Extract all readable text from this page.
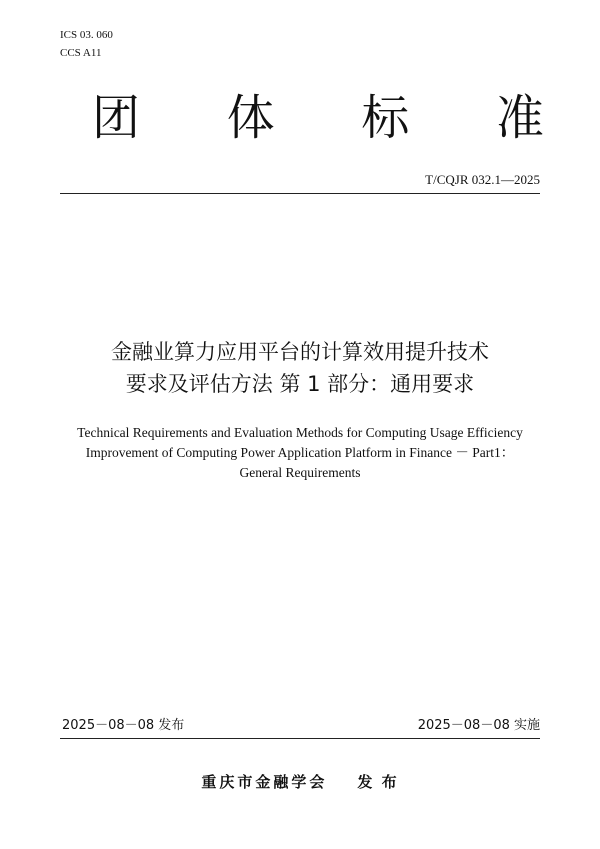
ICS 03. 060
CCS A11
团 体 标 准
T/CQJR 032.1—2025
金融业算力应用平台的计算效用提升技术
要求及评估方法 第 1 部分：通用要求
Technical Requirements and Evaluation Methods for Computing Usage Efficiency
Improvement of Computing Power Application Platform in Finance － Part1：
General Requirements
2025－08－08 发布	2025－08－08 实施
重庆市金融学会 发 布
